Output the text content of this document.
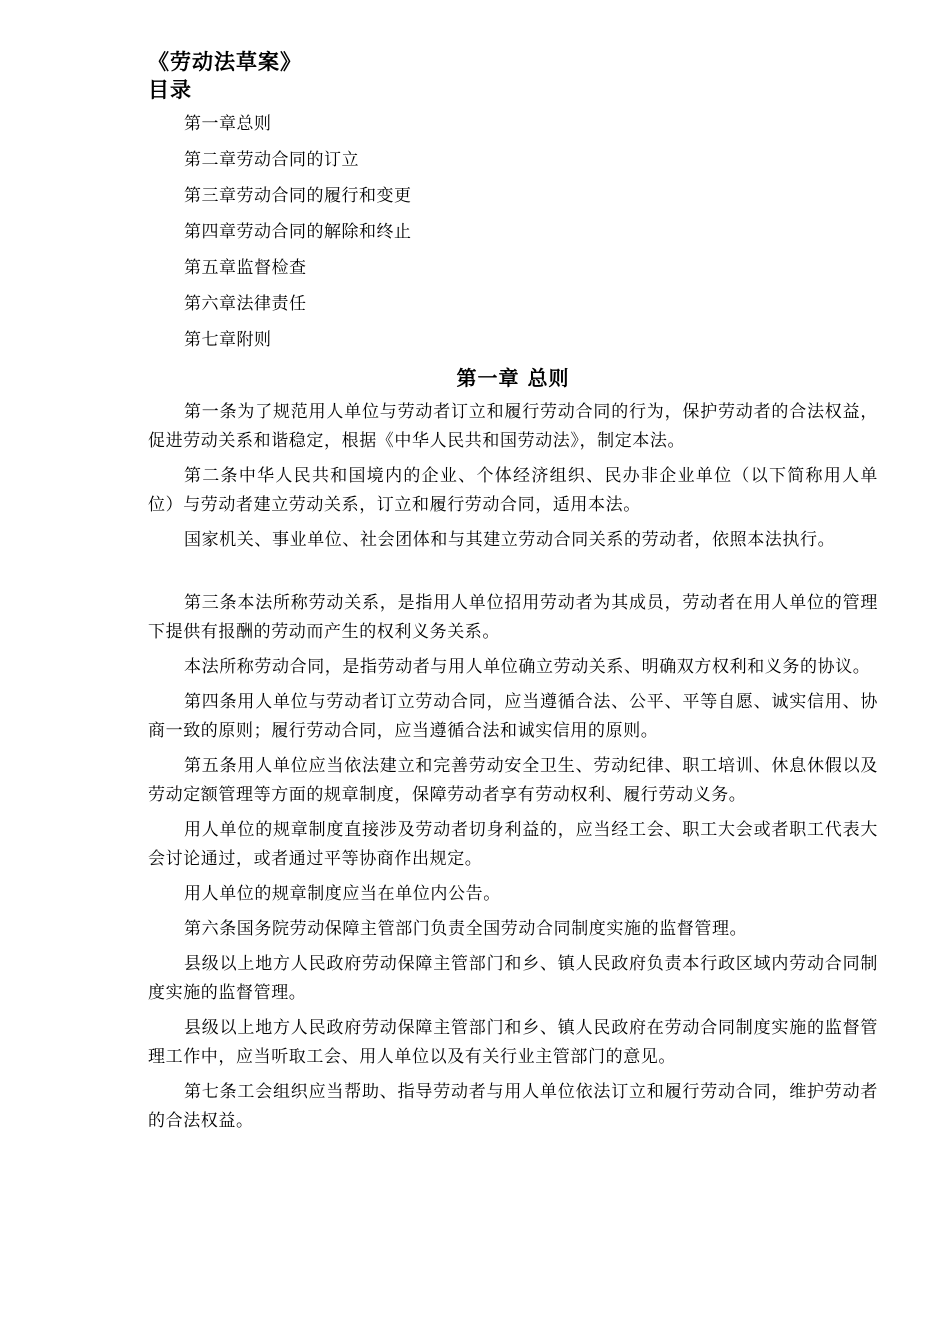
《劳动法草案》
目录
第一章总则
第二章劳动合同的订立
第三章劳动合同的履行和变更
第四章劳动合同的解除和终止
第五章监督检查
第六章法律责任
第七章附则
第一章 总则

第一条为了规范用人单位与劳动者订立和履行劳动合同的行为，保护劳动者的合法权益，促进劳动关系和谐稳定，根据《中华人民共和国劳动法》，制定本法。

第二条中华人民共和国境内的企业、个体经济组织、民办非企业单位（以下简称用人单位）与劳动者建立劳动关系，订立和履行劳动合同，适用本法。

国家机关、事业单位、社会团体和与其建立劳动合同关系的劳动者，依照本法执行。

第三条本法所称劳动关系，是指用人单位招用劳动者为其成员，劳动者在用人单位的管理下提供有报酬的劳动而产生的权利义务关系。

本法所称劳动合同，是指劳动者与用人单位确立劳动关系、明确双方权利和义务的协议。

第四条用人单位与劳动者订立劳动合同，应当遵循合法、公平、平等自愿、诚实信用、协商一致的原则；履行劳动合同，应当遵循合法和诚实信用的原则。

第五条用人单位应当依法建立和完善劳动安全卫生、劳动纪律、职工培训、休息休假以及劳动定额管理等方面的规章制度，保障劳动者享有劳动权利、履行劳动义务。

用人单位的规章制度直接涉及劳动者切身利益的，应当经工会、职工大会或者职工代表大会讨论通过，或者通过平等协商作出规定。

用人单位的规章制度应当在单位内公告。

第六条国务院劳动保障主管部门负责全国劳动合同制度实施的监督管理。

县级以上地方人民政府劳动保障主管部门和乡、镇人民政府负责本行政区域内劳动合同制度实施的监督管理。

县级以上地方人民政府劳动保障主管部门和乡、镇人民政府在劳动合同制度实施的监督管理工作中，应当听取工会、用人单位以及有关行业主管部门的意见。

第七条工会组织应当帮助、指导劳动者与用人单位依法订立和履行劳动合同，维护劳动者的合法权益。
